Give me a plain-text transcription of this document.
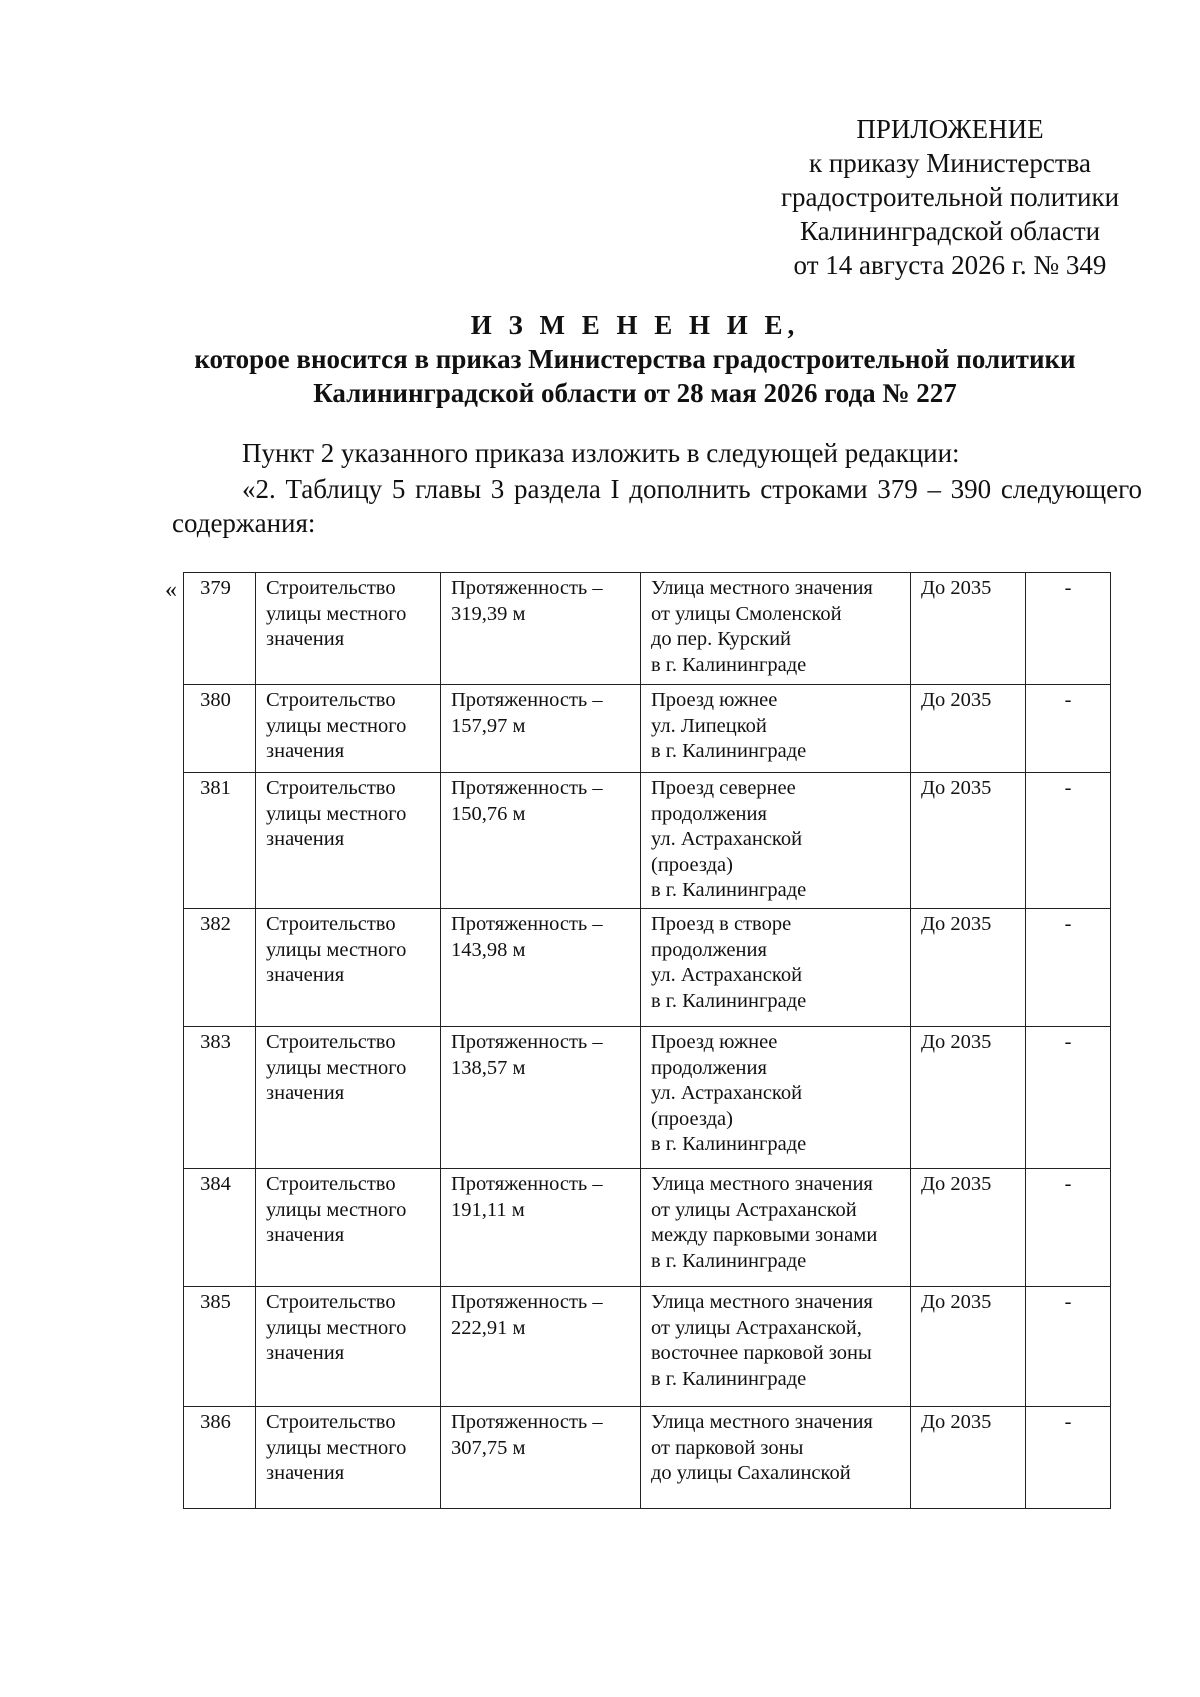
ПРИЛОЖЕНИЕ
к приказу Министерства
градостроительной политики
Калининградской области
от 14 августа 2026 г. № 349
И З М Е Н Е Н И Е,
которое вносится в приказ Министерства градостроительной политики
Калининградской области от 28 мая 2026 года № 227
Пункт 2 указанного приказа изложить в следующей редакции:
«2. Таблицу 5 главы 3 раздела I дополнить строками 379 – 390 следующего содержания:
« 379	Строительство
улицы местного
значения	Протяженность –
319,39 м	Улица местного значения
от улицы Смоленской
до пер. Курский
в г. Калининграде	До 2035	-
380	Строительство
улицы местного
значения	Протяженность –
157,97 м	Проезд южнее
ул. Липецкой
в г. Калининграде	До 2035	-
381	Строительство
улицы местного
значения	Протяженность –
150,76 м	Проезд севернее
продолжения
ул. Астраханской
(проезда)
в г. Калининграде	До 2035	-
382	Строительство
улицы местного
значения	Протяженность –
143,98 м	Проезд в створе
продолжения
ул. Астраханской
в г. Калининграде	До 2035	-
383	Строительство
улицы местного
значения	Протяженность –
138,57 м	Проезд южнее
продолжения
ул. Астраханской
(проезда)
в г. Калининграде	До 2035	-
384	Строительство
улицы местного
значения	Протяженность –
191,11 м	Улица местного значения
от улицы Астраханской
между парковыми зонами
в г. Калининграде	До 2035	-
385	Строительство
улицы местного
значения	Протяженность –
222,91 м	Улица местного значения
от улицы Астраханской,
восточнее парковой зоны
в г. Калининграде	До 2035	-
386	Строительство
улицы местного
значения	Протяженность –
307,75 м	Улица местного значения
от парковой зоны
до улицы Сахалинской	До 2035	-
